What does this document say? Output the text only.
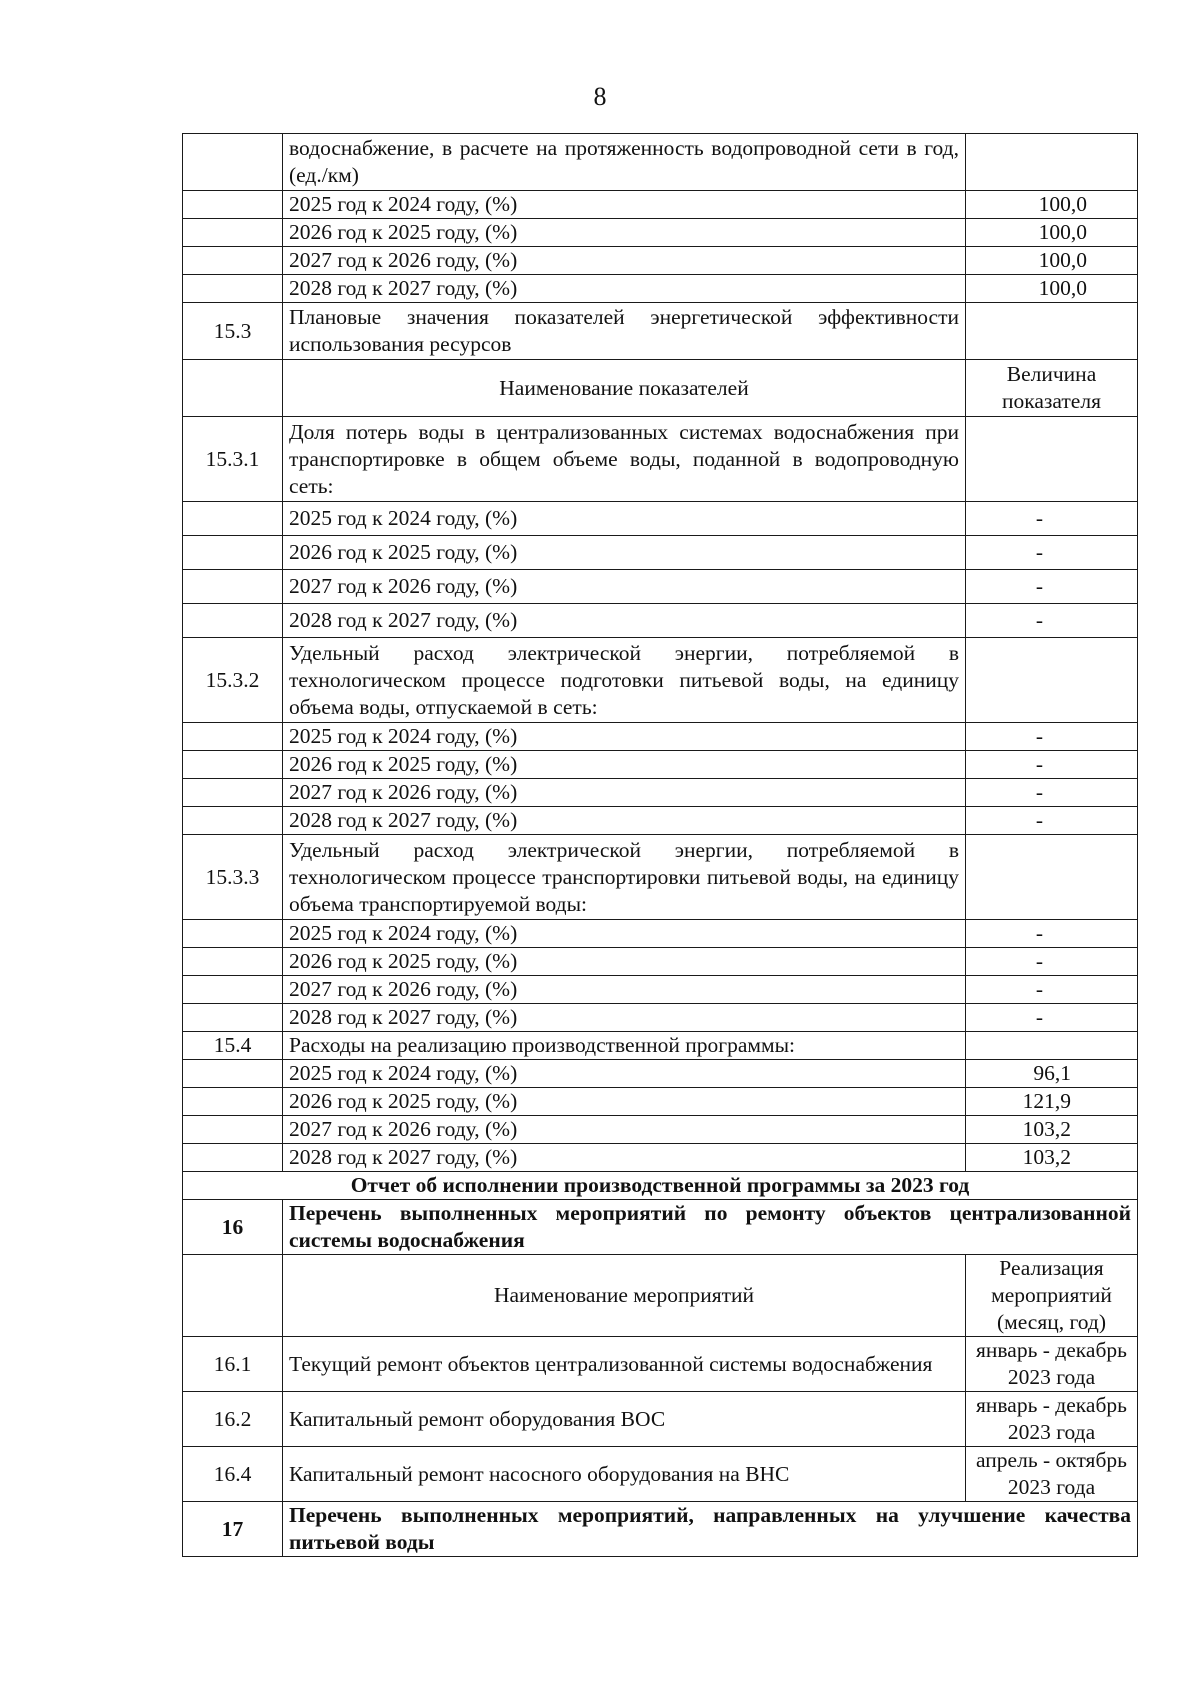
8
	водоснабжение, в расчете на протяженность водопроводной сети в год, (ед./км)	
	2025 год к 2024 году, (%)	100,0
	2026 год к 2025 году, (%)	100,0
	2027 год к 2026 году, (%)	100,0
	2028 год к 2027 году, (%)	100,0
15.3	Плановые значения показателей энергетической эффективности использования ресурсов	
	Наименование показателей	Величина показателя
15.3.1	Доля потерь воды в централизованных системах водоснабжения при транспортировке в общем объеме воды, поданной в водопроводную сеть:	
	2025 год к 2024 году, (%)	-
	2026 год к 2025 году, (%)	-
	2027 год к 2026 году, (%)	-
	2028 год к 2027 году, (%)	-
15.3.2	Удельный расход электрической энергии, потребляемой в технологическом процессе подготовки питьевой воды, на единицу объема воды, отпускаемой в сеть:	
	2025 год к 2024 году, (%)	-
	2026 год к 2025 году, (%)	-
	2027 год к 2026 году, (%)	-
	2028 год к 2027 году, (%)	-
15.3.3	Удельный расход электрической энергии, потребляемой в технологическом процессе транспортировки питьевой воды, на единицу объема транспортируемой воды:	
	2025 год к 2024 году, (%)	-
	2026 год к 2025 году, (%)	-
	2027 год к 2026 году, (%)	-
	2028 год к 2027 году, (%)	-
15.4	Расходы на реализацию производственной программы:	
	2025 год к 2024 году, (%)	96,1
	2026 год к 2025 году, (%)	121,9
	2027 год к 2026 году, (%)	103,2
	2028 год к 2027 году, (%)	103,2
Отчет об исполнении производственной программы за 2023 год		
16	Перечень выполненных мероприятий по ремонту объектов централизованной системы водоснабжения	
	Наименование мероприятий	Реализация мероприятий (месяц, год)
16.1	Текущий ремонт объектов централизованной системы водоснабжения	январь - декабрь 2023 года
16.2	Капитальный ремонт оборудования ВОС	январь - декабрь 2023 года
16.4	Капитальный ремонт насосного оборудования на ВНС	апрель - октябрь 2023 года
17	Перечень выполненных мероприятий, направленных на улучшение качества питьевой воды	
